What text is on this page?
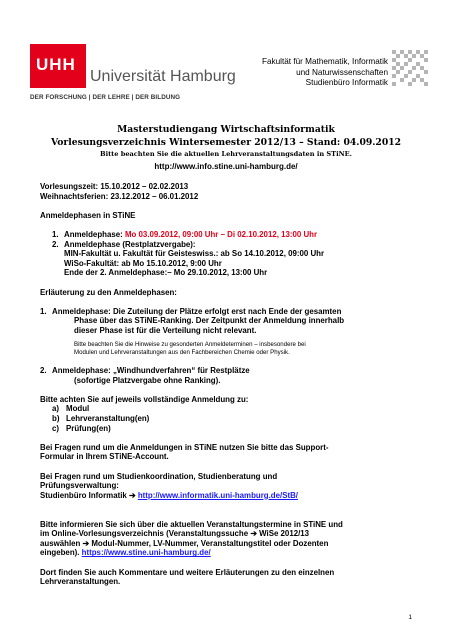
UHH
Universität Hamburg
DER FORSCHUNG | DER LEHRE | DER BILDUNG
Fakultät für Mathematik, Informatik
und Naturwissenschaften
Studienbüro Informatik
Masterstudiengang Wirtschaftsinformatik
Vorlesungsverzeichnis Wintersemester 2012/13 – Stand: 04.09.2012
Bitte beachten Sie die aktuellen Lehrveranstaltungsdaten in STiNE.
http://www.info.stine.uni-hamburg.de/

Vorlesungszeit: 15.10.2012 – 02.02.2013

Weihnachtsferien: 23.12.2012 – 06.01.2012

Anmeldephasen in STiNE

1. Anmeldephase: Mo 03.09.2012, 09:00 Uhr – Di 02.10.2012, 13:00 Uhr
2. Anmeldephase (Restplatzvergabe):

MIN-Fakultät u. Fakultät für Geisteswiss.: ab So 14.10.2012, 09:00 Uhr

WiSo-Fakultät: ab Mo 15.10.2012, 9:00 Uhr

Ende der 2. Anmeldephase:– Mo 29.10.2012, 13:00 Uhr

Erläuterung zu den Anmeldephasen:

1. Anmeldephase: Die Zuteilung der Plätze erfolgt erst nach Ende der gesamten

Phase über das STiNE-Ranking. Der Zeitpunkt der Anmeldung innerhalb

dieser Phase ist für die Verteilung nicht relevant.

Bitte beachten Sie die Hinweise zu gesonderten Anmeldeterminen – insbesondere bei

Modulen und Lehrveranstaltungen aus den Fachbereichen Chemie oder Physik.

2. Anmeldephase: „Windhundverfahren“ für Restplätze

(sofortige Platzvergabe ohne Ranking).

Bitte achten Sie auf jeweils vollständige Anmeldung zu:

a) Modul
b) Lehrveranstaltung(en)
c) Prüfung(en)

Bei Fragen rund um die Anmeldungen in STiNE nutzen Sie bitte das Support-

Formular in Ihrem STiNE-Account.

Bei Fragen rund um Studienkoordination, Studienberatung und

Prüfungsverwaltung:

Studienbüro Informatik ➔ http://www.informatik.uni-hamburg.de/StB/

Bitte informieren Sie sich über die aktuellen Veranstaltungstermine in STiNE und

im Online-Vorlesungsverzeichnis (Veranstaltungssuche ➔ WiSe 2012/13

auswählen ➔ Modul-Nummer, LV-Nummer, Veranstaltungstitel oder Dozenten

eingeben). https://www.stine.uni-hamburg.de/

Dort finden Sie auch Kommentare und weitere Erläuterungen zu den einzelnen

Lehrveranstaltungen.

1
